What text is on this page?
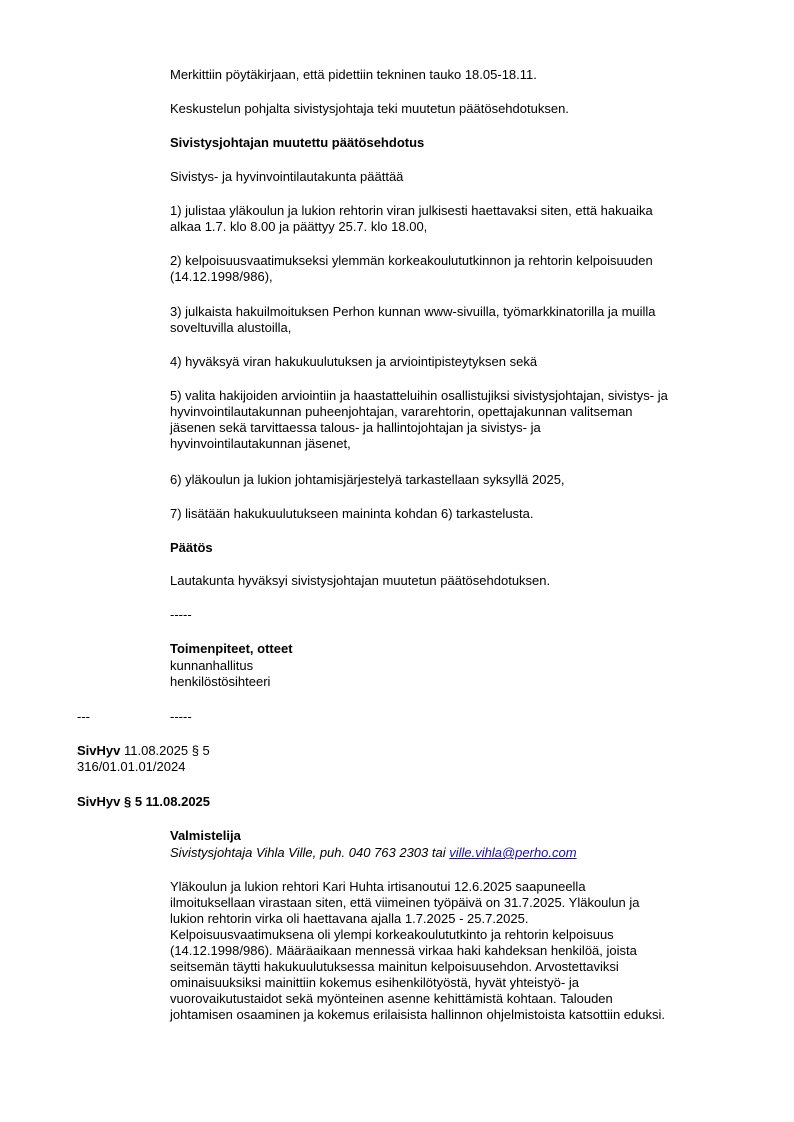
Merkittiin pöytäkirjaan, että pidettiin tekninen tauko 18.05-18.11.

Keskustelun pohjalta sivistysjohtaja teki muutetun päätösehdotuksen.

Sivistysjohtajan muutettu päätösehdotus

Sivistys- ja hyvinvointilautakunta päättää

1) julistaa yläkoulun ja lukion rehtorin viran julkisesti haettavaksi siten, että hakuaika
alkaa 1.7. klo 8.00 ja päättyy 25.7. klo 18.00,

2) kelpoisuusvaatimukseksi ylemmän korkeakoulututkinnon ja rehtorin kelpoisuuden
(14.12.1998/986),

3) julkaista hakuilmoituksen Perhon kunnan www-sivuilla, työmarkkinatorilla ja muilla
soveltuvilla alustoilla,

4) hyväksyä viran hakukuulutuksen ja arviointipisteytyksen sekä

5) valita hakijoiden arviointiin ja haastatteluihin osallistujiksi sivistysjohtajan, sivistys- ja
hyvinvointilautakunnan puheenjohtajan, vararehtorin, opettajakunnan valitseman
jäsenen sekä tarvittaessa talous- ja hallintojohtajan ja sivistys- ja
hyvinvointilautakunnan jäsenet,

6) yläkoulun ja lukion johtamisjärjestelyä tarkastellaan syksyllä 2025,

7) lisätään hakukuulutukseen maininta kohdan 6) tarkastelusta.

Päätös

Lautakunta hyväksyi sivistysjohtajan muutetun päätösehdotuksen.

-----

Toimenpiteet, otteet

kunnanhallitus
henkilöstösihteeri

---	-----

SivHyv 11.08.2025 § 5
316/01.01.01/2024

SivHyv § 5 11.08.2025

Valmistelija

Sivistysjohtaja Vihla Ville, puh. 040 763 2303 tai ville.vihla@perho.com

Yläkoulun ja lukion rehtori Kari Huhta irtisanoutui 12.6.2025 saapuneella
ilmoituksellaan virastaan siten, että viimeinen työpäivä on 31.7.2025. Yläkoulun ja
lukion rehtorin virka oli haettavana ajalla 1.7.2025 - 25.7.2025.
Kelpoisuusvaatimuksena oli ylempi korkeakoulututkinto ja rehtorin kelpoisuus
(14.12.1998/986). Määräaikaan mennessä virkaa haki kahdeksan henkilöä, joista
seitsemän täytti hakukuulutuksessa mainitun kelpoisuusehdon. Arvostettaviksi
ominaisuuksiksi mainittiin kokemus esihenkilötyöstä, hyvät yhteistyö- ja
vuorovaikutustaidot sekä myönteinen asenne kehittämistä kohtaan. Talouden
johtamisen osaaminen ja kokemus erilaisista hallinnon ohjelmistoista katsottiin eduksi.
